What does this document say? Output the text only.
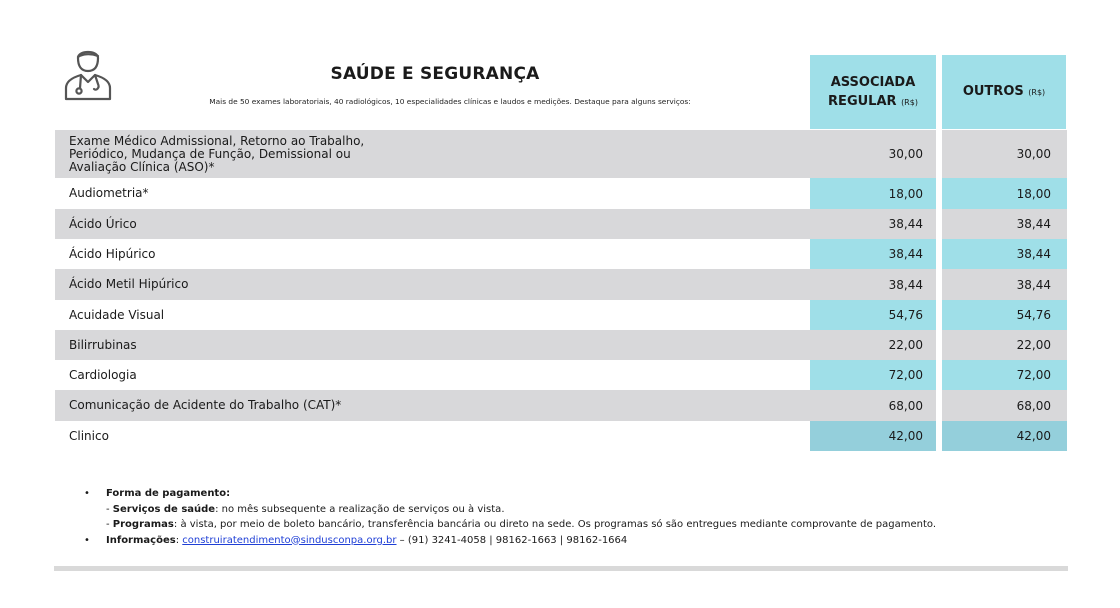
SAÚDE E SEGURANÇA
Mais de 50 exames laboratoriais, 40 radiológicos, 10 especialidades clínicas e laudos e medições. Destaque para alguns serviços:
ASSOCIADA
REGULAR (R$)
OUTROS (R$)
Exame Médico Admissional, Retorno ao Trabalho,
Periódico, Mudança de Função, Demissional ou
Avaliação Clínica (ASO)*
30,00	30,00
Audiometria*	18,00	18,00
Ácido Úrico	38,44	38,44
Ácido Hipúrico	38,44	38,44
Ácido Metil Hipúrico	38,44	38,44
Acuidade Visual	54,76	54,76
Bilirrubinas	22,00	22,00
Cardiologia	72,00	72,00
Comunicação de Acidente do Trabalho (CAT)*	68,00	68,00
Clinico	42,00	42,00
• Forma de pagamento:
- Serviços de saúde: no mês subsequente a realização de serviços ou à vista.
- Programas: à vista, por meio de boleto bancário, transferência bancária ou direto na sede. Os programas só são entregues mediante comprovante de pagamento.
• Informações: construiratendimento@sindusconpa.org.br – (91) 3241-4058 | 98162-1663 | 98162-1664
